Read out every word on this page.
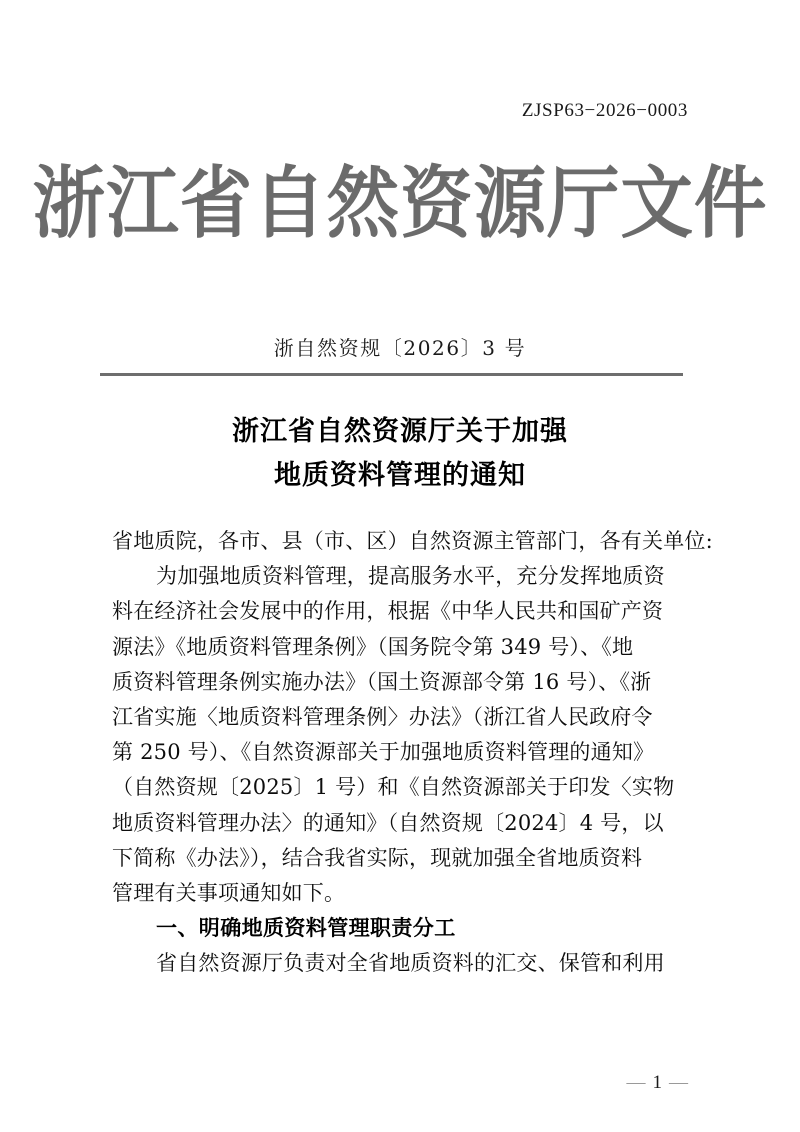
ZJSP63−2026−0003
浙江省自然资源厅文件
浙自然资规〔2026〕3 号
浙江省自然资源厅关于加强
地质资料管理的通知

省地质院，各市、县（市、区）自然资源主管部门，各有关单位:

为加强地质资料管理，提高服务水平，充分发挥地质资
料在经济社会发展中的作用，根据《中华人民共和国矿产资
源法》《地质资料管理条例》（国务院令第 349 号）、《地
质资料管理条例实施办法》（国土资源部令第 16 号）、《浙
江省实施〈地质资料管理条例〉办法》（浙江省人民政府令
第 250 号）、《自然资源部关于加强地质资料管理的通知》
（自然资规〔2025〕1 号）和《自然资源部关于印发〈实物
地质资料管理办法〉的通知》（自然资规〔2024〕4 号，以
下简称《办法》），结合我省实际，现就加强全省地质资料
管理有关事项通知如下。

一、明确地质资料管理职责分工

省自然资源厅负责对全省地质资料的汇交、保管和利用

— 1 —
